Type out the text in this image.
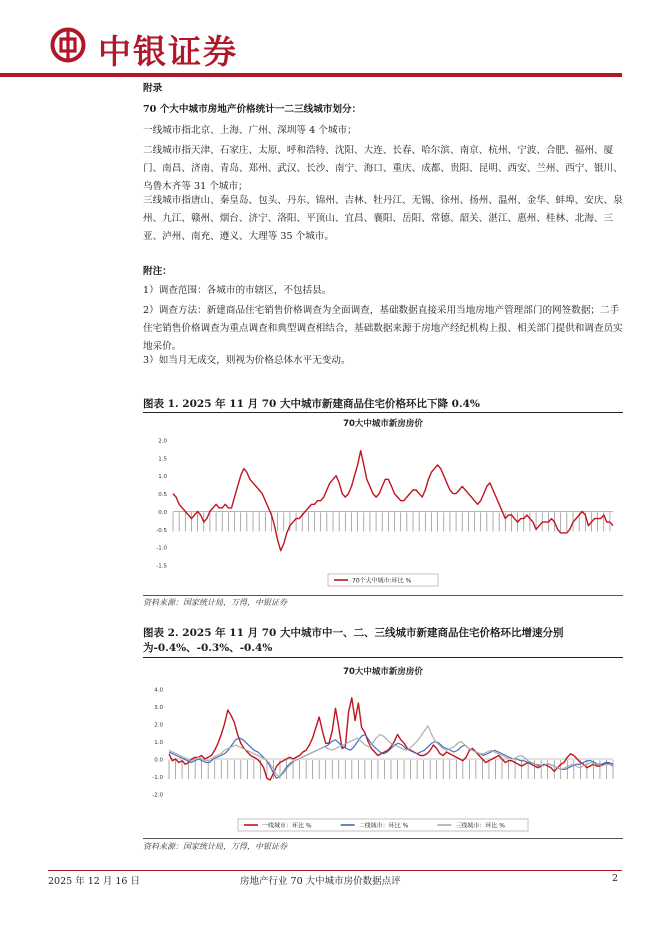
中银证券
附录
70 个大中城市房地产价格统计一二三线城市划分：
一线城市指北京、上海、广州、深圳等 4 个城市；
二线城市指天津、石家庄、太原、呼和浩特、沈阳、大连、长春、哈尔滨、南京、杭州、宁波、合肥、福州、厦门、南昌、济南、青岛、郑州、武汉、长沙、南宁、海口、重庆、成都、贵阳、昆明、西安、兰州、西宁、银川、乌鲁木齐等 31 个城市；
三线城市指唐山、秦皇岛、包头、丹东、锦州、吉林、牡丹江、无锡、徐州、扬州、温州、金华、蚌埠、安庆、泉州、九江、赣州、烟台、济宁、洛阳、平顶山、宜昌、襄阳、岳阳、常德、韶关、湛江、惠州、桂林、北海、三亚、泸州、南充、遵义、大理等 35 个城市。
附注：
1）调查范围：各城市的市辖区，不包括县。
2）调查方法：新建商品住宅销售价格调查为全面调查，基础数据直接采用当地房地产管理部门的网签数据；二手住宅销售价格调查为重点调查和典型调查相结合，基础数据来源于房地产经纪机构上报、相关部门提供和调查员实地采价。
3）如当月无成交，则视为价格总体水平无变动。
图表 1. 2025 年 11 月 70 大中城市新建商品住宅价格环比下降 0.4%
70大中城市新房房价
2.0
1.5
1.0
0.5
0.0
-0.5
-1.0
-1.5
70个大中城市:环比 %
资料来源：国家统计局，万得，中银证券
图表 2. 2025 年 11 月 70 大中城市中一、二、三线城市新建商品住宅价格环比增速分别为-0.4%、-0.3%、-0.4%
70大中城市新房房价
4.0
3.0
2.0
1.0
0.0
-1.0
-2.0
一线城市：环比 %	二线城市：环比 %	三线城市：环比 %
资料来源：国家统计局，万得，中银证券
2025 年 12 月 16 日	房地产行业 70 大中城市房价数据点评	2
